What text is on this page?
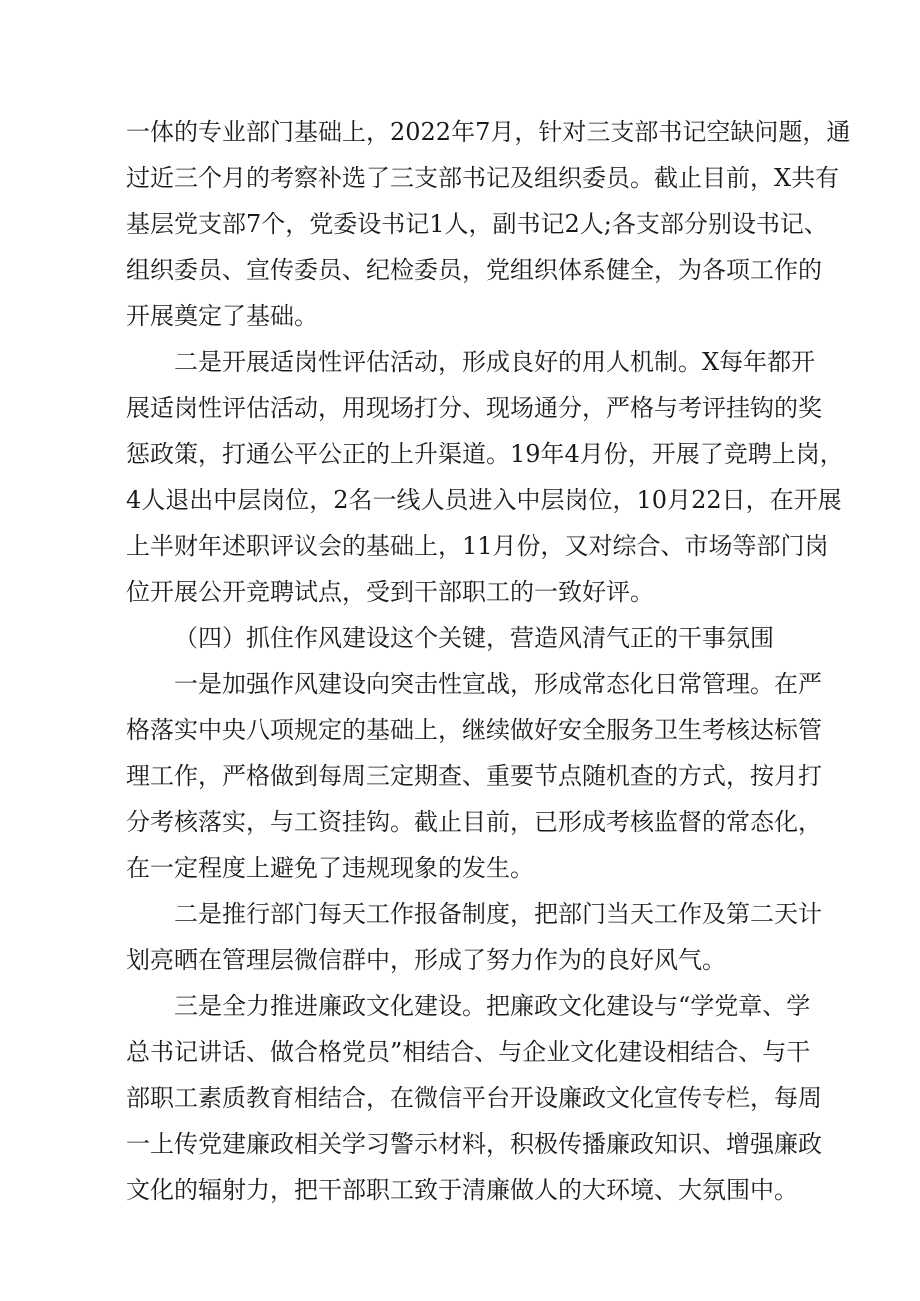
一体的专业部门基础上，2022年7月，针对三支部书记空缺问题，通
过近三个月的考察补选了三支部书记及组织委员。截止目前，X共有
基层党支部7个，党委设书记1人，副书记2人;各支部分别设书记、
组织委员、宣传委员、纪检委员，党组织体系健全，为各项工作的
开展奠定了基础。
二是开展适岗性评估活动，形成良好的用人机制。X每年都开
展适岗性评估活动，用现场打分、现场通分，严格与考评挂钩的奖
惩政策，打通公平公正的上升渠道。19年4月份，开展了竞聘上岗，
4人退出中层岗位，2名一线人员进入中层岗位，10月22日，在开展
上半财年述职评议会的基础上，11月份，又对综合、市场等部门岗
位开展公开竞聘试点，受到干部职工的一致好评。
（四）抓住作风建设这个关键，营造风清气正的干事氛围
一是加强作风建设向突击性宣战，形成常态化日常管理。在严
格落实中央八项规定的基础上，继续做好安全服务卫生考核达标管
理工作，严格做到每周三定期查、重要节点随机查的方式，按月打
分考核落实，与工资挂钩。截止目前，已形成考核监督的常态化，
在一定程度上避免了违规现象的发生。
二是推行部门每天工作报备制度，把部门当天工作及第二天计
划亮晒在管理层微信群中，形成了努力作为的良好风气。
三是全力推进廉政文化建设。把廉政文化建设与“学党章、学
总书记讲话、做合格党员”相结合、与企业文化建设相结合、与干
部职工素质教育相结合，在微信平台开设廉政文化宣传专栏，每周
一上传党建廉政相关学习警示材料，积极传播廉政知识、增强廉政
文化的辐射力，把干部职工致于清廉做人的大环境、大氛围中。
